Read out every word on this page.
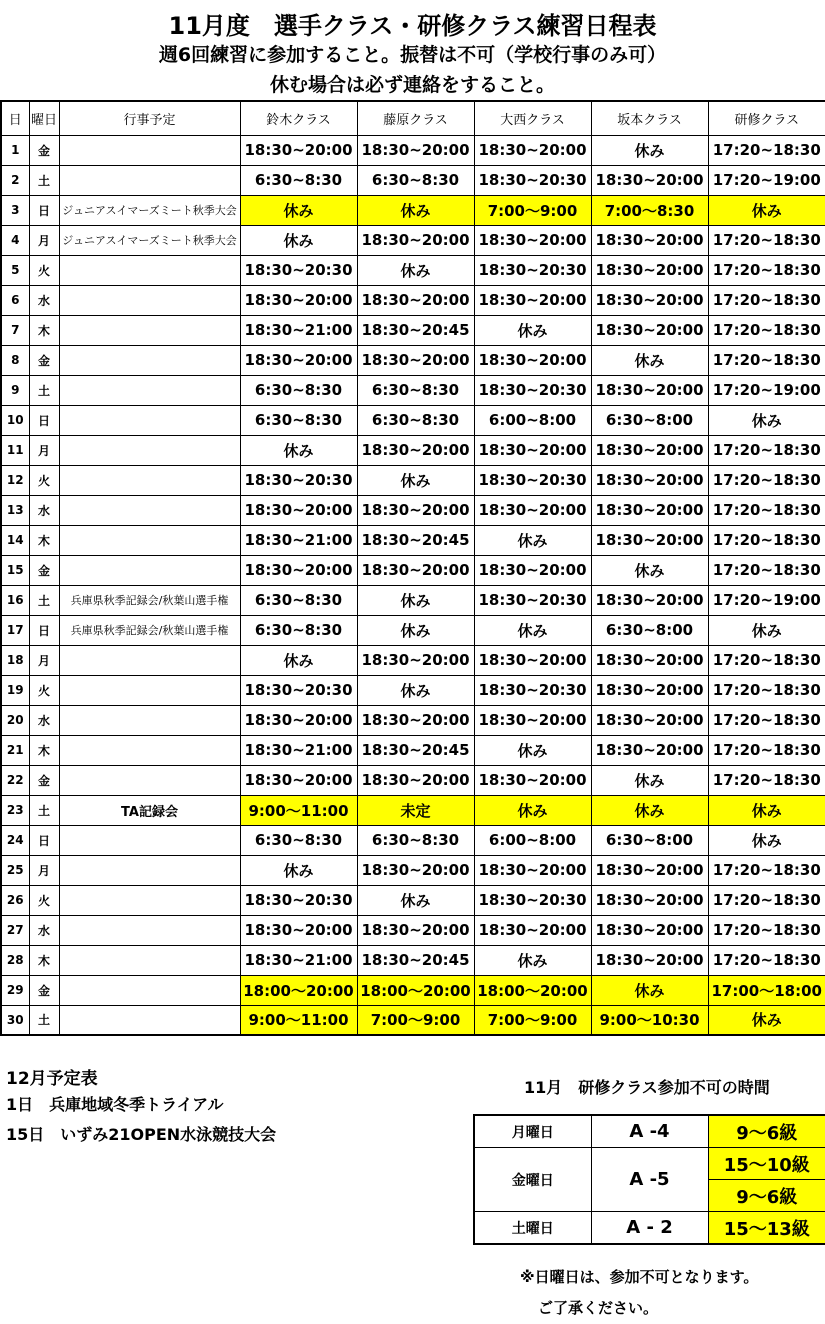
11月度　選手クラス・研修クラス練習日程表
週6回練習に参加すること。振替は不可（学校行事のみ可）
休む場合は必ず連絡をすること。
日	曜日	行事予定	鈴木クラス	藤原クラス	大西クラス	坂本クラス	研修クラス
1	金		18:30~20:00	18:30~20:00	18:30~20:00	休み	17:20~18:30
2	土		6:30~8:30	6:30~8:30	18:30~20:30	18:30~20:00	17:20~19:00
3	日	ジュニアスイマーズミート秋季大会	休み	休み	7:00～9:00	7:00～8:30	休み
4	月	ジュニアスイマーズミート秋季大会	休み	18:30~20:00	18:30~20:00	18:30~20:00	17:20~18:30
5	火		18:30~20:30	休み	18:30~20:30	18:30~20:00	17:20~18:30
6	水		18:30~20:00	18:30~20:00	18:30~20:00	18:30~20:00	17:20~18:30
7	木		18:30~21:00	18:30~20:45	休み	18:30~20:00	17:20~18:30
8	金		18:30~20:00	18:30~20:00	18:30~20:00	休み	17:20~18:30
9	土		6:30~8:30	6:30~8:30	18:30~20:30	18:30~20:00	17:20~19:00
10	日		6:30~8:30	6:30~8:30	6:00~8:00	6:30~8:00	休み
11	月		休み	18:30~20:00	18:30~20:00	18:30~20:00	17:20~18:30
12	火		18:30~20:30	休み	18:30~20:30	18:30~20:00	17:20~18:30
13	水		18:30~20:00	18:30~20:00	18:30~20:00	18:30~20:00	17:20~18:30
14	木		18:30~21:00	18:30~20:45	休み	18:30~20:00	17:20~18:30
15	金		18:30~20:00	18:30~20:00	18:30~20:00	休み	17:20~18:30
16	土	兵庫県秋季記録会/秋葉山選手権	6:30~8:30	休み	18:30~20:30	18:30~20:00	17:20~19:00
17	日	兵庫県秋季記録会/秋葉山選手権	6:30~8:30	休み	休み	6:30~8:00	休み
18	月		休み	18:30~20:00	18:30~20:00	18:30~20:00	17:20~18:30
19	火		18:30~20:30	休み	18:30~20:30	18:30~20:00	17:20~18:30
20	水		18:30~20:00	18:30~20:00	18:30~20:00	18:30~20:00	17:20~18:30
21	木		18:30~21:00	18:30~20:45	休み	18:30~20:00	17:20~18:30
22	金		18:30~20:00	18:30~20:00	18:30~20:00	休み	17:20~18:30
23	土	TA記録会	9:00～11:00	未定	休み	休み	休み
24	日		6:30~8:30	6:30~8:30	6:00~8:00	6:30~8:00	休み
25	月		休み	18:30~20:00	18:30~20:00	18:30~20:00	17:20~18:30
26	火		18:30~20:30	休み	18:30~20:30	18:30~20:00	17:20~18:30
27	水		18:30~20:00	18:30~20:00	18:30~20:00	18:30~20:00	17:20~18:30
28	木		18:30~21:00	18:30~20:45	休み	18:30~20:00	17:20~18:30
29	金		18:00～20:00	18:00～20:00	18:00～20:00	休み	17:00～18:00
30	土		9:00～11:00	7:00～9:00	7:00～9:00	9:00～10:30	休み
12月予定表
1日　兵庫地域冬季トライアル
15日　いずみ21OPEN水泳競技大会
11月　研修クラス参加不可の時間
月曜日	A -4	9～6級
金曜日	A -5	15～10級
		9～6級
土曜日	A - 2	15～13級
※日曜日は、参加不可となります。
ご了承ください。
